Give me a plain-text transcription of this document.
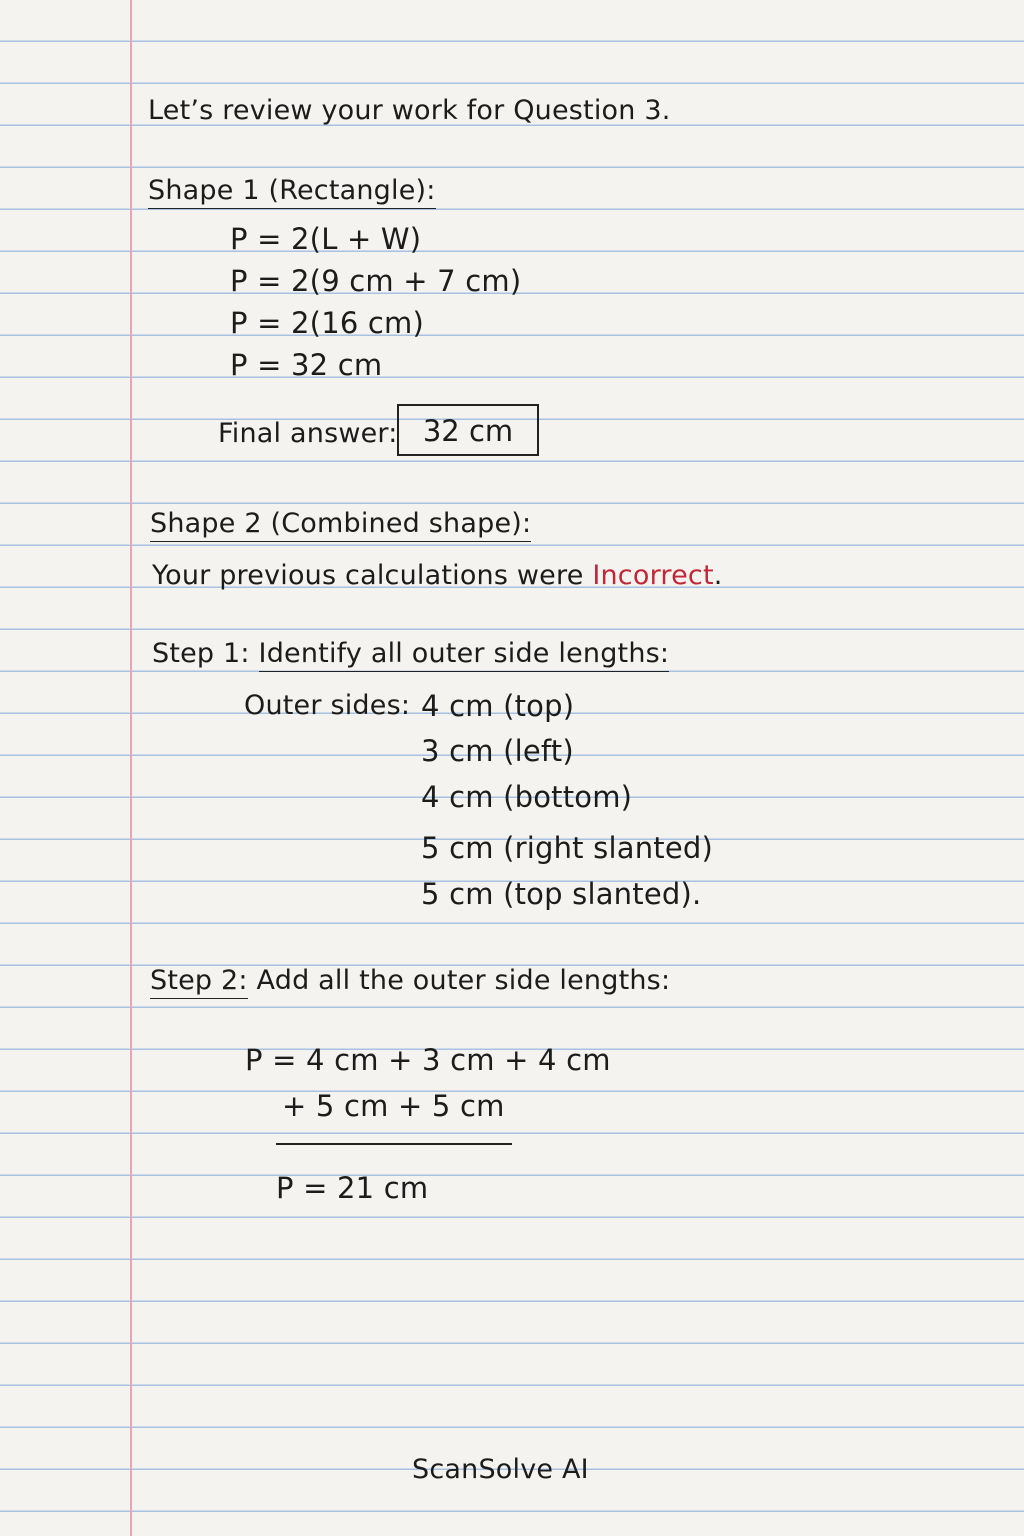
Let’s review your work for Question 3.
Shape 1 (Rectangle):
P = 2(L + W)
P = 2(9 cm + 7 cm)
P = 2(16 cm)
P = 32 cm
Final answer: 32 cm
Shape 2 (Combined shape):
Your previous calculations were Incorrect.
Step 1: Identify all outer side lengths:
Outer sides: 4 cm (top)
3 cm (left)
4 cm (bottom)
5 cm (right slanted)
5 cm (top slanted).
Step 2: Add all the outer side lengths:
P = 4 cm + 3 cm + 4 cm
+ 5 cm + 5 cm
P = 21 cm
ScanSolve AI
